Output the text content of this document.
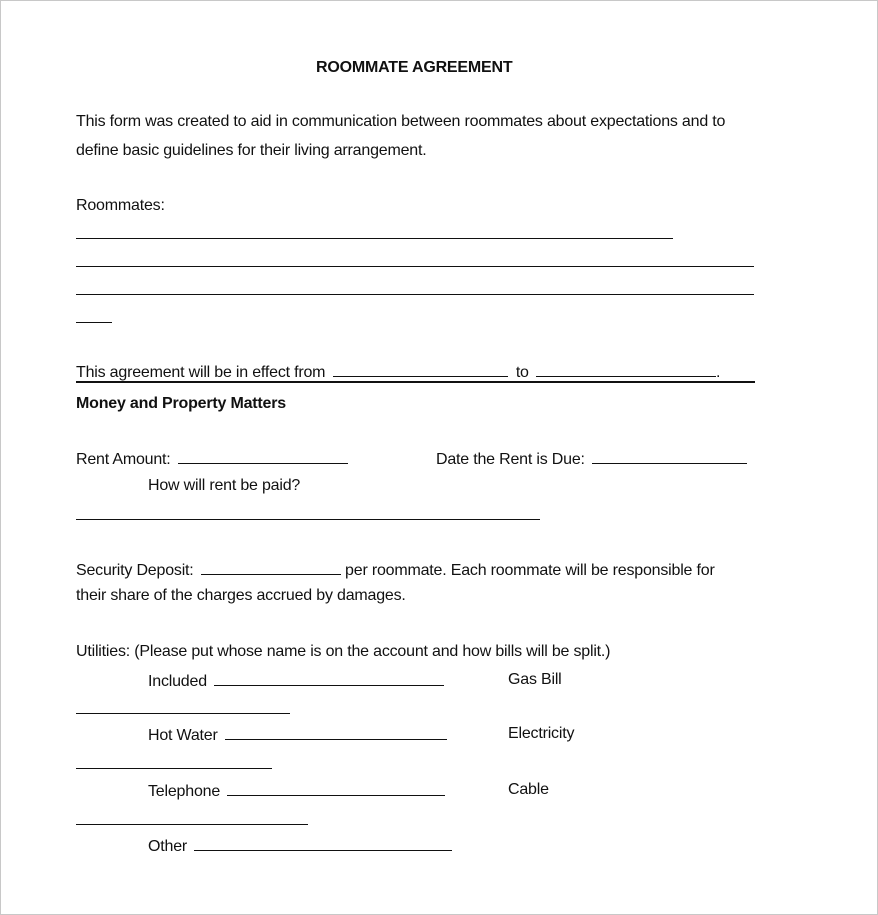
ROOMMATE AGREEMENT
This form was created to aid in communication between roommates about expectations and to
define basic guidelines for their living arrangement.
Roommates:
This agreement will be in effect from	to	.
Money and Property Matters
Rent Amount:	Date the Rent is Due:
How will rent be paid?
Security Deposit:	per roommate. Each roommate will be responsible for
their share of the charges accrued by damages.
Utilities: (Please put whose name is on the account and how bills will be split.)
Included	Gas Bill
Hot Water	Electricity
Telephone	Cable
Other
